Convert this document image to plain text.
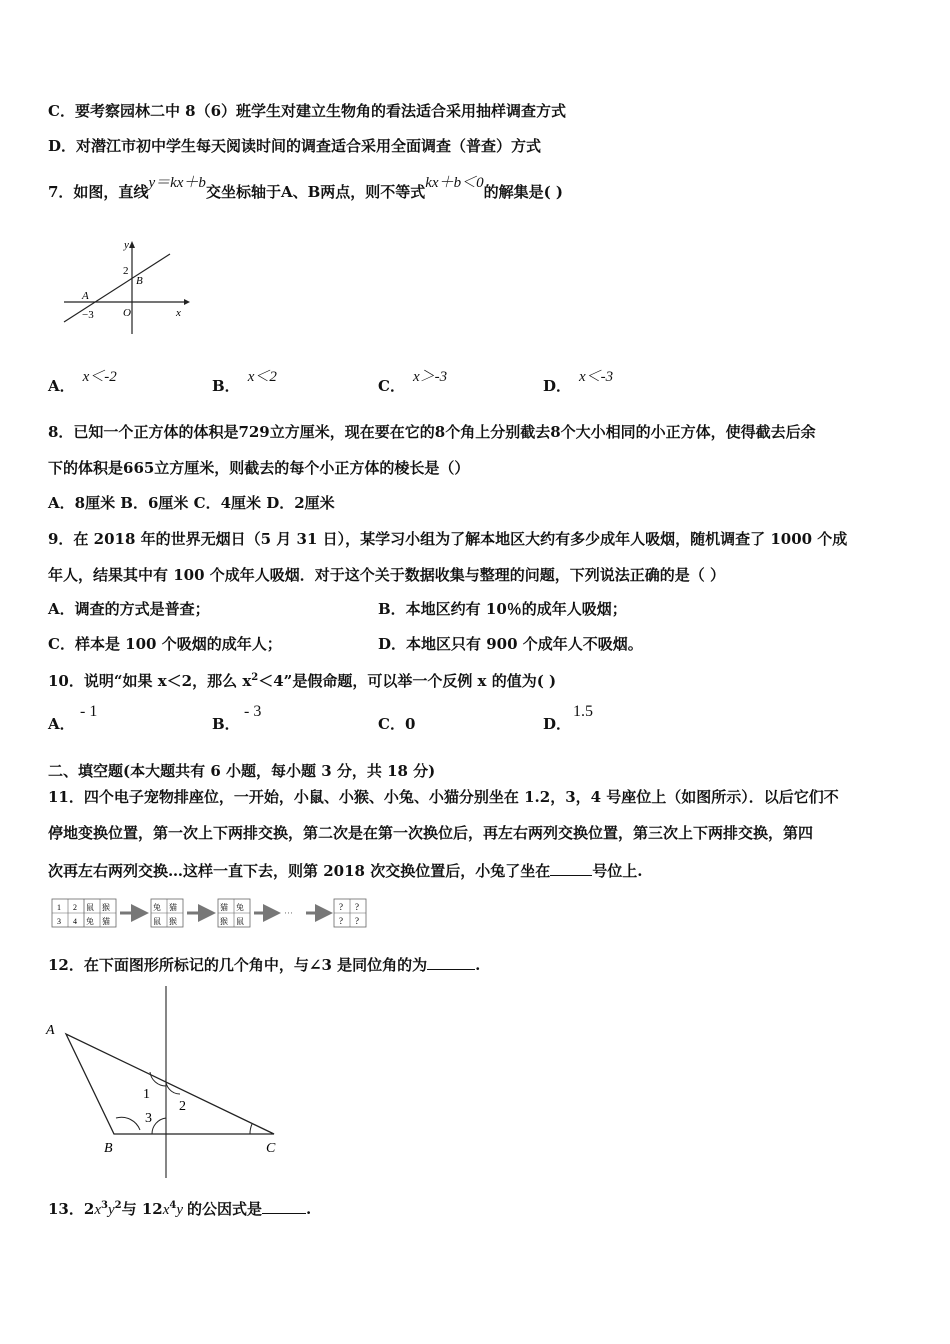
C．要考察园林二中 8（6）班学生对建立生物角的看法适合采用抽样调查方式
D．对潜江市初中学生每天阅读时间的调查适合采用全面调查（普查）方式
7．如图，直线y＝kx＋b交坐标轴于A、B两点，则不等式kx＋b＜0的解集是( )
y
x
2
B
A
−3	O
A． x＜-2	B． x＜2	C． x＞-3	D． x＜-3
8．已知一个正方体的体积是729立方厘米，现在要在它的8个角上分别截去8个大小相同的小正方体，使得截去后余
下的体积是665立方厘米，则截去的每个小正方体的棱长是（）
A．8厘米 B．6厘米 C．4厘米 D．2厘米
9．在 2018 年的世界无烟日（5 月 31 日），某学习小组为了解本地区大约有多少成年人吸烟，随机调查了 1000 个成
年人，结果其中有 100 个成年人吸烟．对于这个关于数据收集与整理的问题，下列说法正确的是（ ）
A．调查的方式是普查；	B．本地区约有 10％的成年人吸烟；
C．样本是 100 个吸烟的成年人；	D．本地区只有 900 个成年人不吸烟。
10．说明“如果 x＜2，那么 $x^2<4$”是假命题，可以举一个反例 x 的值为( )
A．
- 1
B．
- 3
C．0	D．
1.5
二、填空题(本大题共有 6 小题，每小题 3 分，共 18 分)
11．四个电子宠物排座位，一开始，小鼠、小猴、小兔、小猫分别坐在 1.2，3，4 号座位上（如图所示）．以后它们不
停地变换位置，第一次上下两排交换，第二次是在第一次换位后，再左右两列交换位置，第三次上下两排交换，第四
次再左右两列交换…这样一直下去，则第 2018 次交换位置后，小兔了坐在	号位上.
1 2 鼠 猴
3 4 兔 猫
兔 猫
鼠 猴
猫 兔
猴 鼠
···
? ?
? ?
12．在下面图形所标记的几个角中，与∠3 是同位角的为	.
A
B	C
1
2
3
13．$2x^3y^2$与 $12x^4y$ 的公因式是	.
